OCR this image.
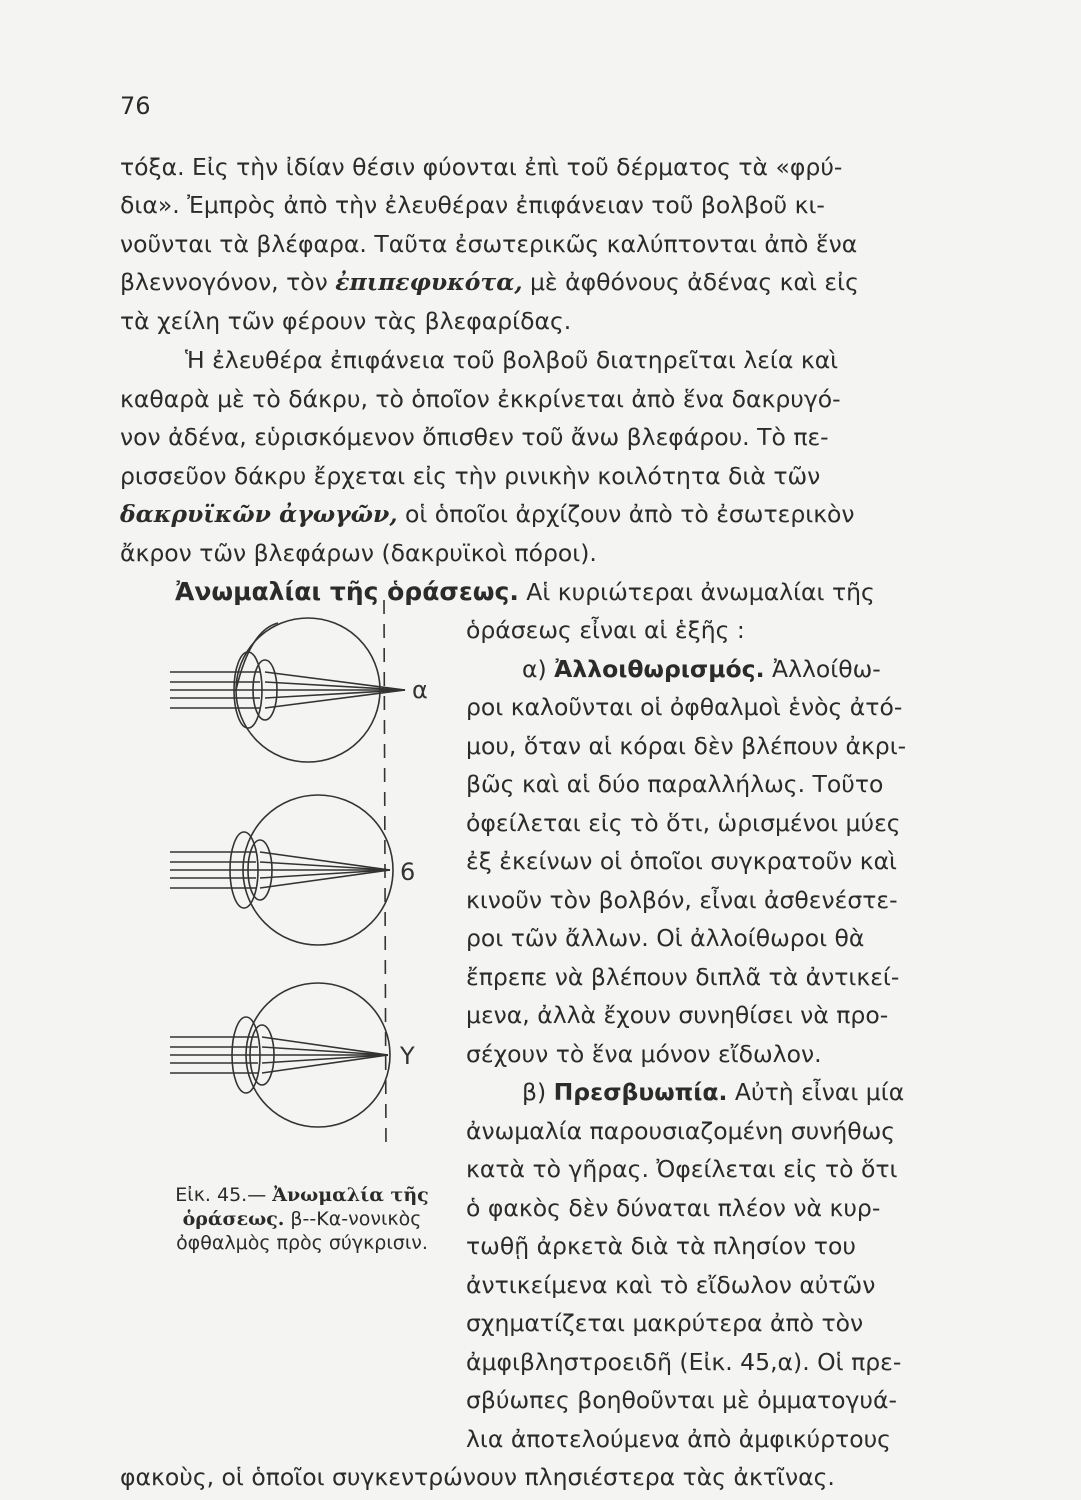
76
τόξα. Εἰς τὴν ἰδίαν θέσιν φύονται ἐπὶ τοῦ δέρματος τὰ «φρύ-
δια». Ἐμπρὸς ἀπὸ τὴν ἐλευθέραν ἐπιφάνειαν τοῦ βολβοῦ κι-
νοῦνται τὰ βλέφαρα. Ταῦτα ἐσωτερικῶς καλύπτονται ἀπὸ ἕνα
βλεννογόνον, τὸν ἐπιπεφυκότα, μὲ ἀφθόνους ἀδένας καὶ εἰς
τὰ χείλη τῶν φέρουν τὰς βλεφαρίδας.
Ἡ ἐλευθέρα ἐπιφάνεια τοῦ βολβοῦ διατηρεῖται λεία καὶ
καθαρὰ μὲ τὸ δάκρυ, τὸ ὁποῖον ἐκκρίνεται ἀπὸ ἕνα δακρυγό-
νον ἀδένα, εὑρισκόμενον ὄπισθεν τοῦ ἄνω βλεφάρου. Τὸ πε-
ρισσεῦον δάκρυ ἔρχεται εἰς τὴν ρινικὴν κοιλότητα διὰ τῶν
δακρυϊκῶν ἀγωγῶν, οἱ ὁποῖοι ἀρχίζουν ἀπὸ τὸ ἐσωτερικὸν
ἄκρον τῶν βλεφάρων (δακρυϊκοὶ πόροι).
Ἀνωμαλίαι τῆς ὁράσεως. Αἱ κυριώτεραι ἀνωμαλίαι τῆς
ὁράσεως εἶναι αἱ ἑξῆς :
α) Ἀλλοιθωρισμός. Ἀλλοίθω-
ροι καλοῦνται οἱ ὀφθαλμοὶ ἑνὸς ἀτό-
μου, ὅταν αἱ κόραι δὲν βλέπουν ἀκρι-
βῶς καὶ αἱ δύο παραλλήλως. Τοῦτο
ὀφείλεται εἰς τὸ ὅτι, ὡρισμένοι μύες
ἐξ ἐκείνων οἱ ὁποῖοι συγκρατοῦν καὶ
κινοῦν τὸν βολβόν, εἶναι ἀσθενέστε-
ροι τῶν ἄλλων. Οἱ ἀλλοίθωροι θὰ
ἔπρεπε νὰ βλέπουν διπλᾶ τὰ ἀντικεί-
μενα, ἀλλὰ ἔχουν συνηθίσει νὰ προ-
σέχουν τὸ ἕνα μόνον εἴδωλον.
β) Πρεσβυωπία. Αὐτὴ εἶναι μία
ἀνωμαλία παρουσιαζομένη συνήθως
κατὰ τὸ γῆρας. Ὀφείλεται εἰς τὸ ὅτι
ὁ φακὸς δὲν δύναται πλέον νὰ κυρ-
τωθῇ ἀρκετὰ διὰ τὰ πλησίον του
ἀντικείμενα καὶ τὸ εἴδωλον αὐτῶν
σχηματίζεται μακρύτερα ἀπὸ τὸν
ἀμφιβληστροειδῆ (Εἰκ. 45,α). Οἱ πρε-
σβύωπες βοηθοῦνται μὲ ὀμματογυά-
λια ἀποτελούμενα ἀπὸ ἀμφικύρτους
φακοὺς, οἱ ὁποῖοι συγκεντρώνουν πλησιέστερα τὰς ἀκτῖνας.
α
6
Y
Εἰκ. 45.— Ἀνωμαλία τῆς ὁράσεως. β--Κα-νονικὸς ὀφθαλμὸς πρὸς σύγκρισιν.
